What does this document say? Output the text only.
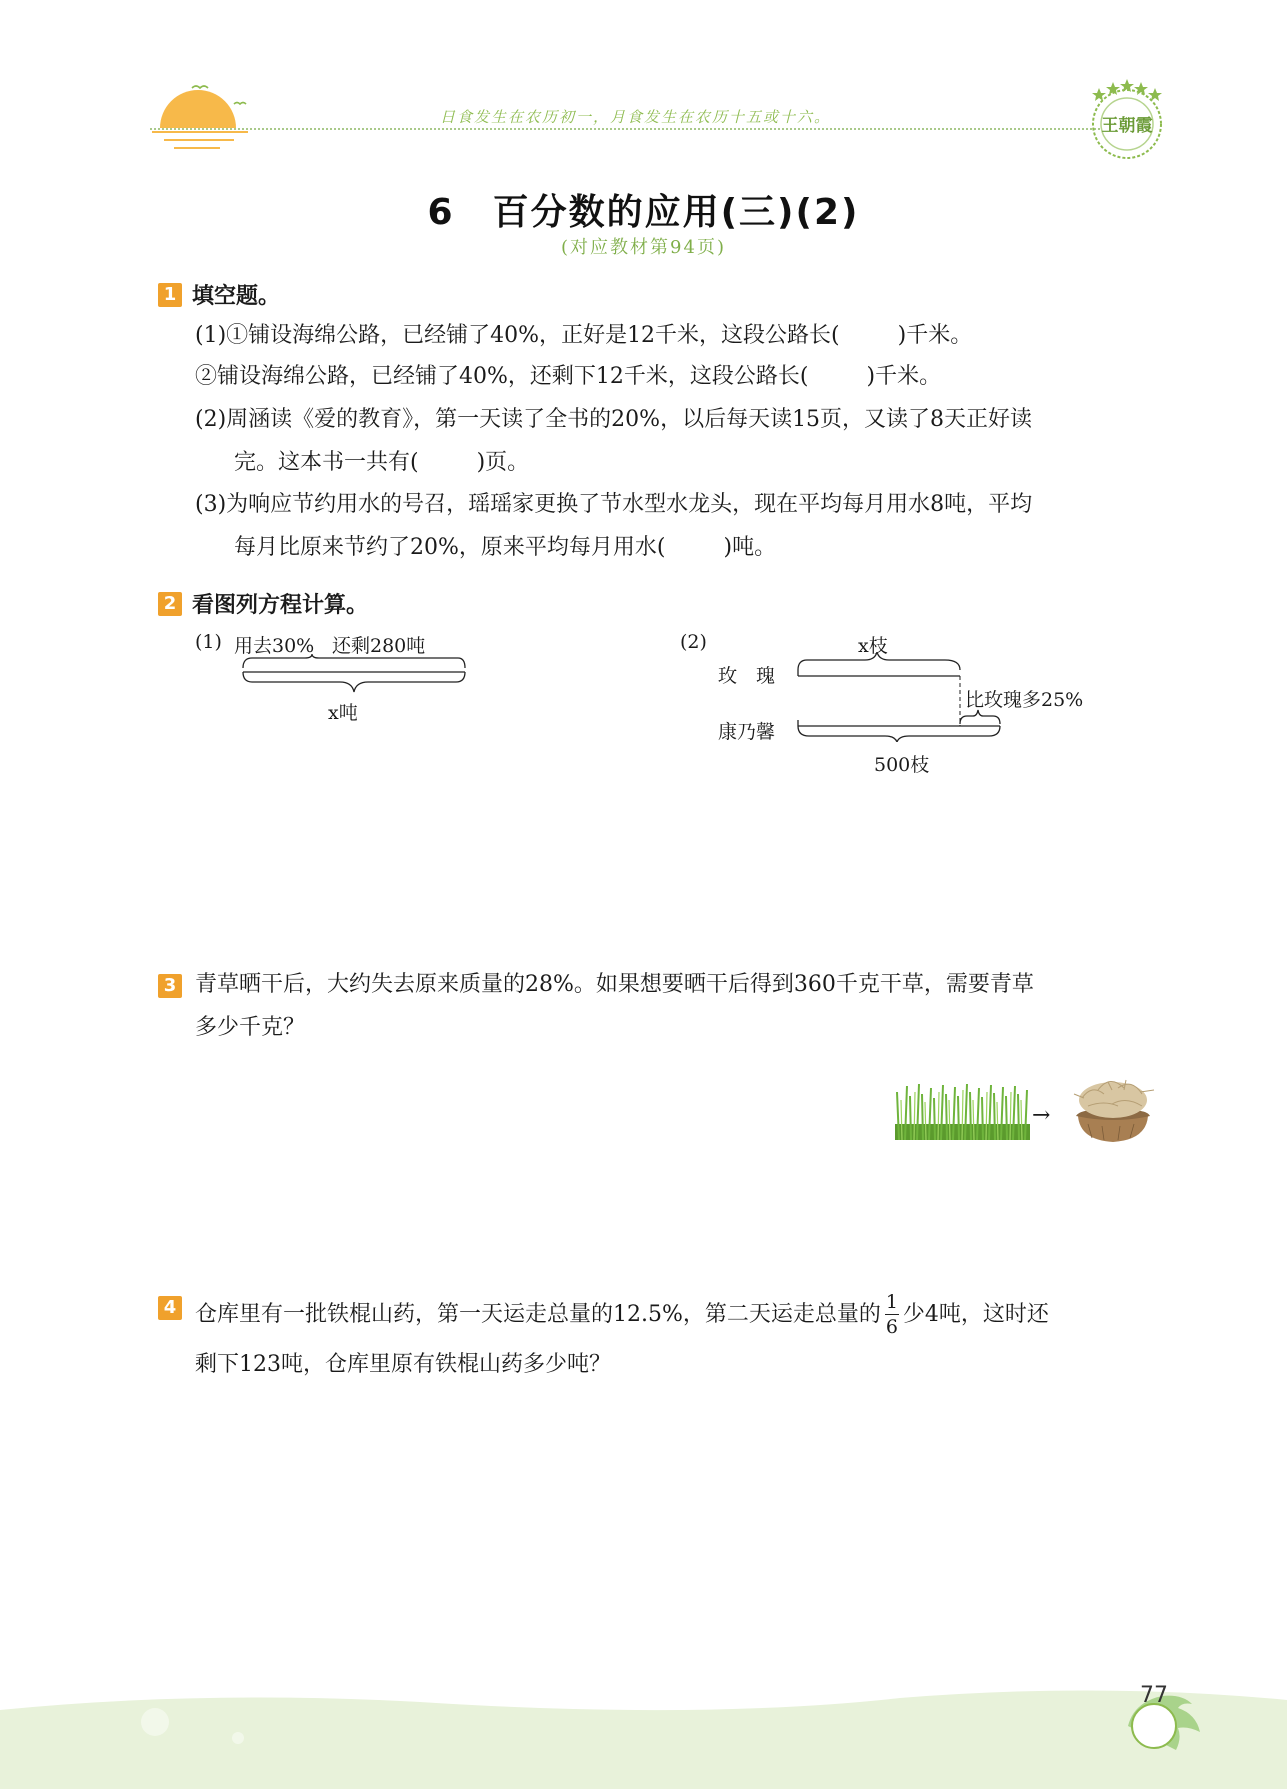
日食发生在农历初一，月食发生在农历十五或十六。	王朝霞
6　百分数的应用(三)(2)
(对应教材第94页)
1 填空题。
(1)①铺设海绵公路，已经铺了40%，正好是12千米，这段公路长(	)千米。
②铺设海绵公路，已经铺了40%，还剩下12千米，这段公路长(	)千米。
(2)周涵读《爱的教育》，第一天读了全书的20%，以后每天读15页，又读了8天正好读
完。这本书一共有(	)页。
(3)为响应节约用水的号召，瑶瑶家更换了节水型水龙头，现在平均每月用水8吨，平均
每月比原来节约了20%，原来平均每月用水(	)吨。
2 看图列方程计算。
(1) 用去30% 还剩280吨
x吨
(2)	x枝
玫　瑰
比玫瑰多25%
康乃馨
500枝
3 青草晒干后，大约失去原来质量的28%。如果想要晒干后得到360千克干草，需要青草
多少千克？
→
4 仓库里有一批铁棍山药，第一天运走总量的12.5%，第二天运走总量的 $\frac{1}{6}$ 少4吨，这时还
剩下123吨，仓库里原有铁棍山药多少吨？
77
